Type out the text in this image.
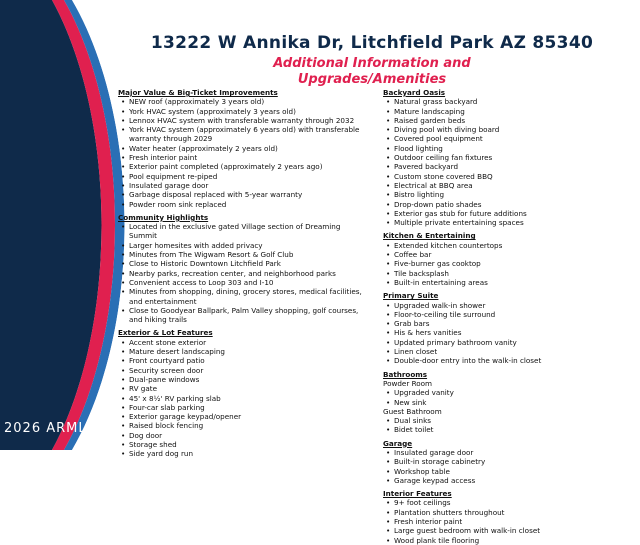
13222 W Annika Dr, Litchfield Park AZ 85340
Additional Information and
Upgrades/Amenities
Major Value & Big-Ticket Improvements
• NEW roof (approximately 3 years old)
• York HVAC system (approximately 3 years old)
• Lennox HVAC system with transferable warranty through 2032
• York HVAC system (approximately 6 years old) with transferable warranty through 2029
• Water heater (approximately 2 years old)
• Fresh interior paint
• Exterior paint completed (approximately 2 years ago)
• Pool equipment re-piped
• Insulated garage door
• Garbage disposal replaced with 5-year warranty
• Powder room sink replaced
Community Highlights
• Located in the exclusive gated Village section of Dreaming Summit
• Larger homesites with added privacy
• Minutes from The Wigwam Resort & Golf Club
• Close to Historic Downtown Litchfield Park
• Nearby parks, recreation center, and neighborhood parks
• Convenient access to Loop 303 and I-10
• Minutes from shopping, dining, grocery stores, medical facilities, and entertainment
• Close to Goodyear Ballpark, Palm Valley shopping, golf courses, and hiking trails
Exterior & Lot Features
• Accent stone exterior
• Mature desert landscaping
• Front courtyard patio
• Security screen door
• Dual-pane windows
• RV gate
• 45' x 8½' RV parking slab
• Four-car slab parking
• Exterior garage keypad/opener
• Raised block fencing
• Dog door
• Storage shed
• Side yard dog run
Backyard Oasis
• Natural grass backyard
• Mature landscaping
• Raised garden beds
• Diving pool with diving board
• Covered pool equipment
• Flood lighting
• Outdoor ceiling fan fixtures
• Pavered backyard
• Custom stone covered BBQ
• Electrical at BBQ area
• Bistro lighting
• Drop-down patio shades
• Exterior gas stub for future additions
• Multiple private entertaining spaces
Kitchen & Entertaining
• Extended kitchen countertops
• Coffee bar
• Five-burner gas cooktop
• Tile backsplash
• Built-in entertaining areas
Primary Suite
• Upgraded walk-in shower
• Floor-to-ceiling tile surround
• Grab bars
• His & hers vanities
• Updated primary bathroom vanity
• Linen closet
• Double-door entry into the walk-in closet
Bathrooms
Powder Room
• Upgraded vanity
• New sink
Guest Bathroom
• Dual sinks
• Bidet toilet
Garage
• Insulated garage door
• Built-in storage cabinetry
• Workshop table
• Garage keypad access
Interior Features
• 9+ foot ceilings
• Plantation shutters throughout
• Fresh interior paint
• Large guest bedroom with walk-in closet
• Wood plank tile flooring
2026 ARMLS
